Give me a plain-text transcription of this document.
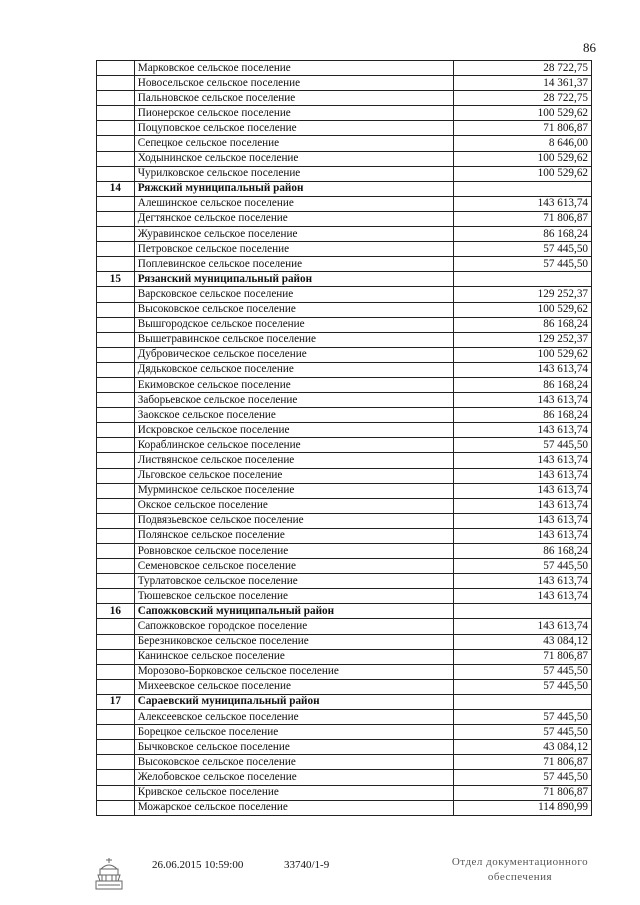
86
	Марковское сельское поселение	28 722,75
	Новосельское сельское поселение	14 361,37
	Пальновское сельское поселение	28 722,75
	Пионерское сельское поселение	100 529,62
	Поцуповское сельское поселение	71 806,87
	Сепецкое сельское поселение	8 646,00
	Ходынинское сельское поселение	100 529,62
	Чурилковское сельское поселение	100 529,62
14	Ряжский муниципальный район	
	Алешинское сельское поселение	143 613,74
	Дегтянское сельское поселение	71 806,87
	Журавинское сельское поселение	86 168,24
	Петровское сельское поселение	57 445,50
	Поплевинское сельское поселение	57 445,50
15	Рязанский муниципальный район	
	Варсковское сельское поселение	129 252,37
	Высоковское сельское поселение	100 529,62
	Вышгородское сельское поселение	86 168,24
	Вышетравинское сельское поселение	129 252,37
	Дубровическое сельское поселение	100 529,62
	Дядьковское сельское поселение	143 613,74
	Екимовское сельское поселение	86 168,24
	Заборьевское сельское поселение	143 613,74
	Заокское сельское поселение	86 168,24
	Искровское сельское поселение	143 613,74
	Кораблинское сельское поселение	57 445,50
	Листвянское сельское поселение	143 613,74
	Льговское сельское поселение	143 613,74
	Мурминское сельское поселение	143 613,74
	Окское сельское поселение	143 613,74
	Подвязьевское сельское поселение	143 613,74
	Полянское сельское поселение	143 613,74
	Ровновское сельское поселение	86 168,24
	Семеновское сельское поселение	57 445,50
	Турлатовское сельское поселение	143 613,74
	Тюшевское сельское поселение	143 613,74
16	Сапожковский муниципальный район	
	Сапожковское городское поселение	143 613,74
	Березниковское сельское поселение	43 084,12
	Канинское сельское поселение	71 806,87
	Морозово-Борковское сельское поселение	57 445,50
	Михеевское сельское поселение	57 445,50
17	Сараевский муниципальный район	
	Алексеевское сельское поселение	57 445,50
	Борецкое сельское поселение	57 445,50
	Бычковское сельское поселение	43 084,12
	Высоковское сельское поселение	71 806,87
	Желобовское сельское поселение	57 445,50
	Кривское сельское поселение	71 806,87
	Можарское сельское поселение	114 890,99
26.06.2015 10:59:00	33740/1-9	Отдел документационного
обеспечения
